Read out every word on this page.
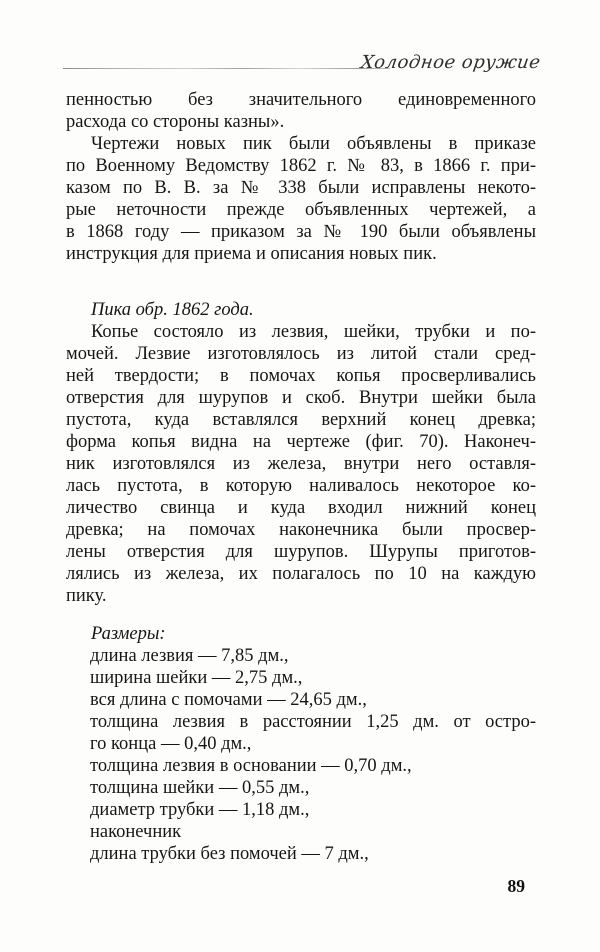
Холодное оружие
пенностью без значительного единовременного
расхода со стороны казны».
Чертежи новых пик были объявлены в приказе
по Военному Ведомству 1862 г. № 83, в 1866 г. при-
казом по В. В. за № 338 были исправлены некото-
рые неточности прежде объявленных чертежей, а
в 1868 году — приказом за № 190 были объявлены
инструкция для приема и описания новых пик.
Пика обр. 1862 года.
Копье состояло из лезвия, шейки, трубки и по-
мочей. Лезвие изготовлялось из литой стали сред-
ней твердости; в помочах копья просверливались
отверстия для шурупов и скоб. Внутри шейки была
пустота, куда вставлялся верхний конец древка;
форма копья видна на чертеже (фиг. 70). Наконеч-
ник изготовлялся из железа, внутри него оставля-
лась пустота, в которую наливалось некоторое ко-
личество свинца и куда входил нижний конец
древка; на помочах наконечника были просвер-
лены отверстия для шурупов. Шурупы приготов-
лялись из железа, их полагалось по 10 на каждую
пику.
Размеры:
длина лезвия — 7,85 дм.,
ширина шейки — 2,75 дм.,
вся длина с помочами — 24,65 дм.,
толщина лезвия в расстоянии 1,25 дм. от остро-
го конца — 0,40 дм.,
толщина лезвия в основании — 0,70 дм.,
толщина шейки — 0,55 дм.,
диаметр трубки — 1,18 дм.,
наконечник
длина трубки без помочей — 7 дм.,
89
